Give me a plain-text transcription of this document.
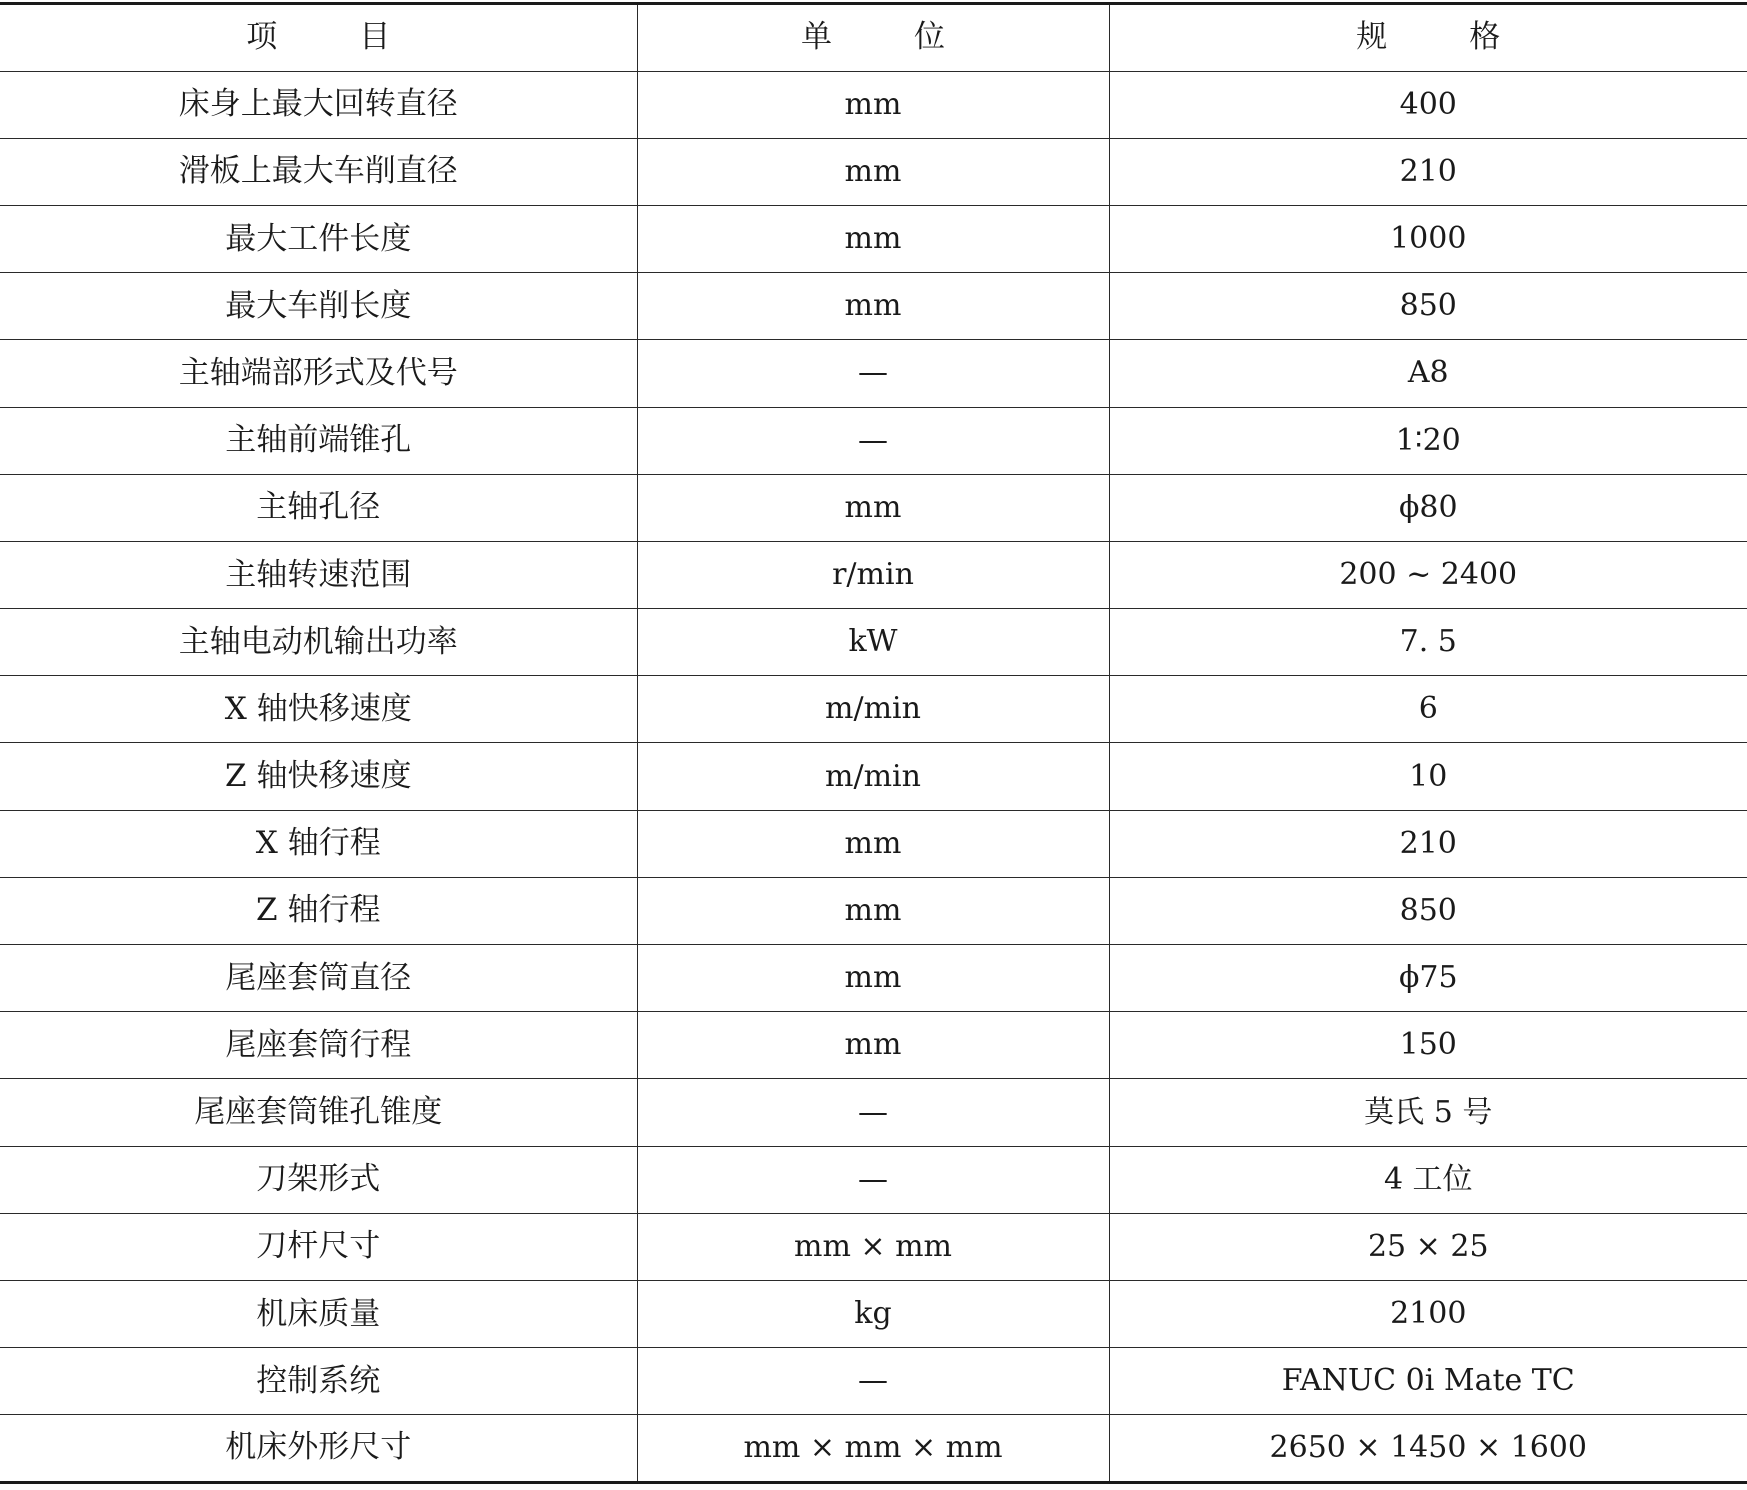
项 目	单 位	规 格
床身上最大回转直径	mm	400
滑板上最大车削直径	mm	210
最大工件长度	mm	1000
最大车削长度	mm	850
主轴端部形式及代号	—	A8
主轴前端锥孔	—	1∶20
主轴孔径	mm	ϕ80
主轴转速范围	r/min	200 ~ 2400
主轴电动机输出功率	kW	7. 5
X 轴快移速度	m/min	6
Z 轴快移速度	m/min	10
X 轴行程	mm	210
Z 轴行程	mm	850
尾座套筒直径	mm	ϕ75
尾座套筒行程	mm	150
尾座套筒锥孔锥度	—	莫氏 5 号
刀架形式	—	4 工位
刀杆尺寸	mm × mm	25 × 25
机床质量	kg	2100
控制系统	—	FANUC 0i Mate TC
机床外形尺寸	mm × mm × mm	2650 × 1450 × 1600
